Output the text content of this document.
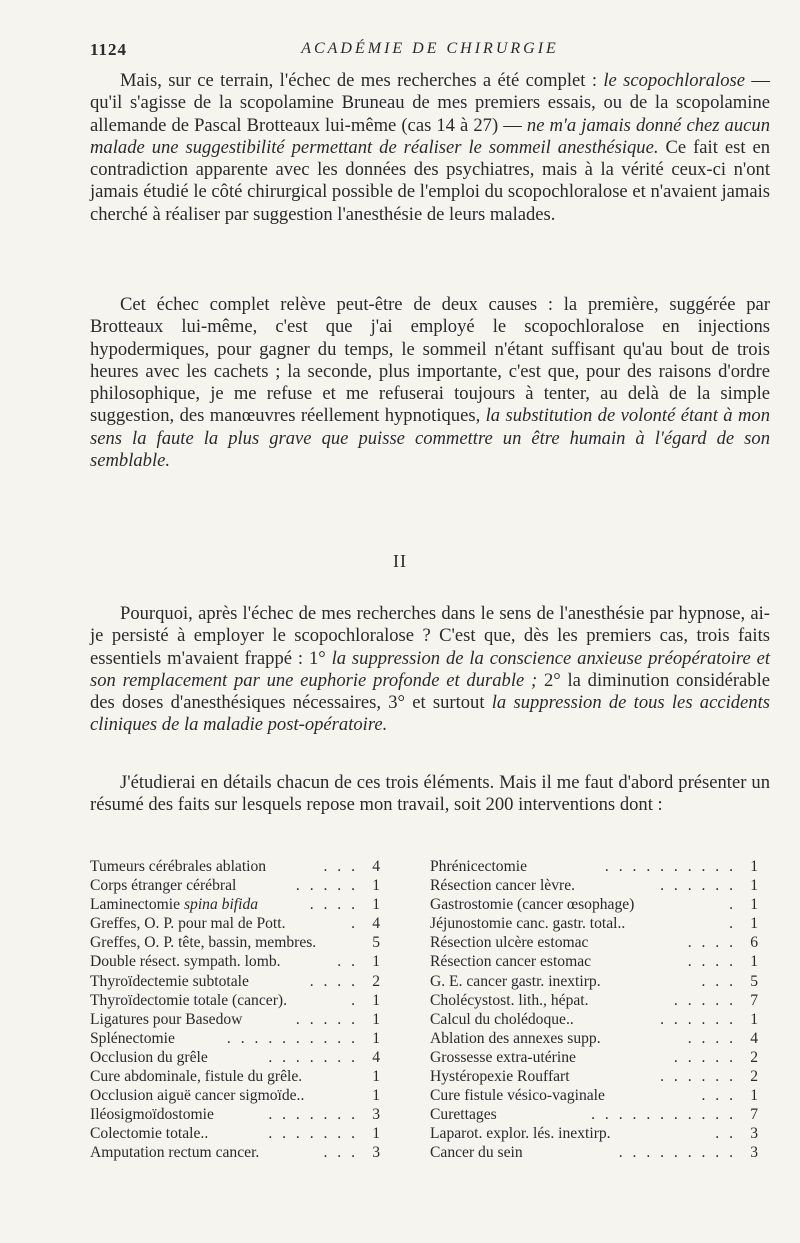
1124	ACADÉMIE DE CHIRURGIE
Mais, sur ce terrain, l'échec de mes recherches a été complet : le scopochloralose — qu'il s'agisse de la scopolamine Bruneau de mes premiers essais, ou de la scopolamine allemande de Pascal Brotteaux lui-même (cas 14 à 27) — ne m'a jamais donné chez aucun malade une suggestibilité permettant de réaliser le sommeil anesthésique. Ce fait est en contradiction apparente avec les données des psychiatres, mais à la vérité ceux-ci n'ont jamais étudié le côté chirurgical possible de l'emploi du scopochloralose et n'avaient jamais cherché à réaliser par suggestion l'anesthésie de leurs malades.
Cet échec complet relève peut-être de deux causes : la première, suggérée par Brotteaux lui-même, c'est que j'ai employé le scopochloralose en injections hypodermiques, pour gagner du temps, le sommeil n'étant suffisant qu'au bout de trois heures avec les cachets ; la seconde, plus importante, c'est que, pour des raisons d'ordre philosophique, je me refuse et me refuserai toujours à tenter, au delà de la simple suggestion, des manœuvres réellement hypnotiques, la substitution de volonté étant à mon sens la faute la plus grave que puisse commettre un être humain à l'égard de son semblable.
II
Pourquoi, après l'échec de mes recherches dans le sens de l'anesthésie par hypnose, ai-je persisté à employer le scopochloralose ? C'est que, dès les premiers cas, trois faits essentiels m'avaient frappé : 1° la suppression de la conscience anxieuse préopératoire et son remplacement par une euphorie profonde et durable ; 2° la diminution considérable des doses d'anesthésiques nécessaires, 3° et surtout la suppression de tous les accidents cliniques de la maladie post-opératoire.
J'étudierai en détails chacun de ces trois éléments. Mais il me faut d'abord présenter un résumé des faits sur lesquels repose mon travail, soit 200 interventions dont :
Tumeurs cérébrales ablation	. . . 4
Corps étranger cérébral	. . . . . 1
Laminectomie spina bifida	. . . . 1
Greffes, O. P. pour mal de Pott.	. 4
Greffes, O. P. tête, bassin, membres.	5
Double résect. sympath. lomb.	. . 1
Thyroïdectemie subtotale	. . . . 2
Thyroïdectomie totale (cancer).	. 1
Ligatures pour Basedow	. . . . . 1
Splénectomie	. . . . . . . . . . 1
Occlusion du grêle	. . . . . . . 4
Cure abdominale, fistule du grêle.	1
Occlusion aiguë cancer sigmoïde..	1
Iléosigmoïdostomie	. . . . . . . 3
Colectomie totale..	. . . . . . . 1
Amputation rectum cancer.	. . . 3
Phrénicectomie	. . . . . . . . . . 1
Résection cancer lèvre.	. . . . . . 1
Gastrostomie (cancer œsophage)	. 1
Jéjunostomie canc. gastr. total..	. 1
Résection ulcère estomac	. . . . 6
Résection cancer estomac	. . . . 1
G. E. cancer gastr. inextirp.	. . . 5
Cholécystost. lith., hépat.	. . . . . 7
Calcul du cholédoque..	. . . . . . 1
Ablation des annexes supp.	. . . . 4
Grossesse extra-utérine	. . . . . 2
Hystéropexie Rouffart	. . . . . . 2
Cure fistule vésico-vaginale	. . . 1
Curettages	. . . . . . . . . . . 7
Laparot. explor. lés. inextirp.	. . 3
Cancer du sein	. . . . . . . . . 3
